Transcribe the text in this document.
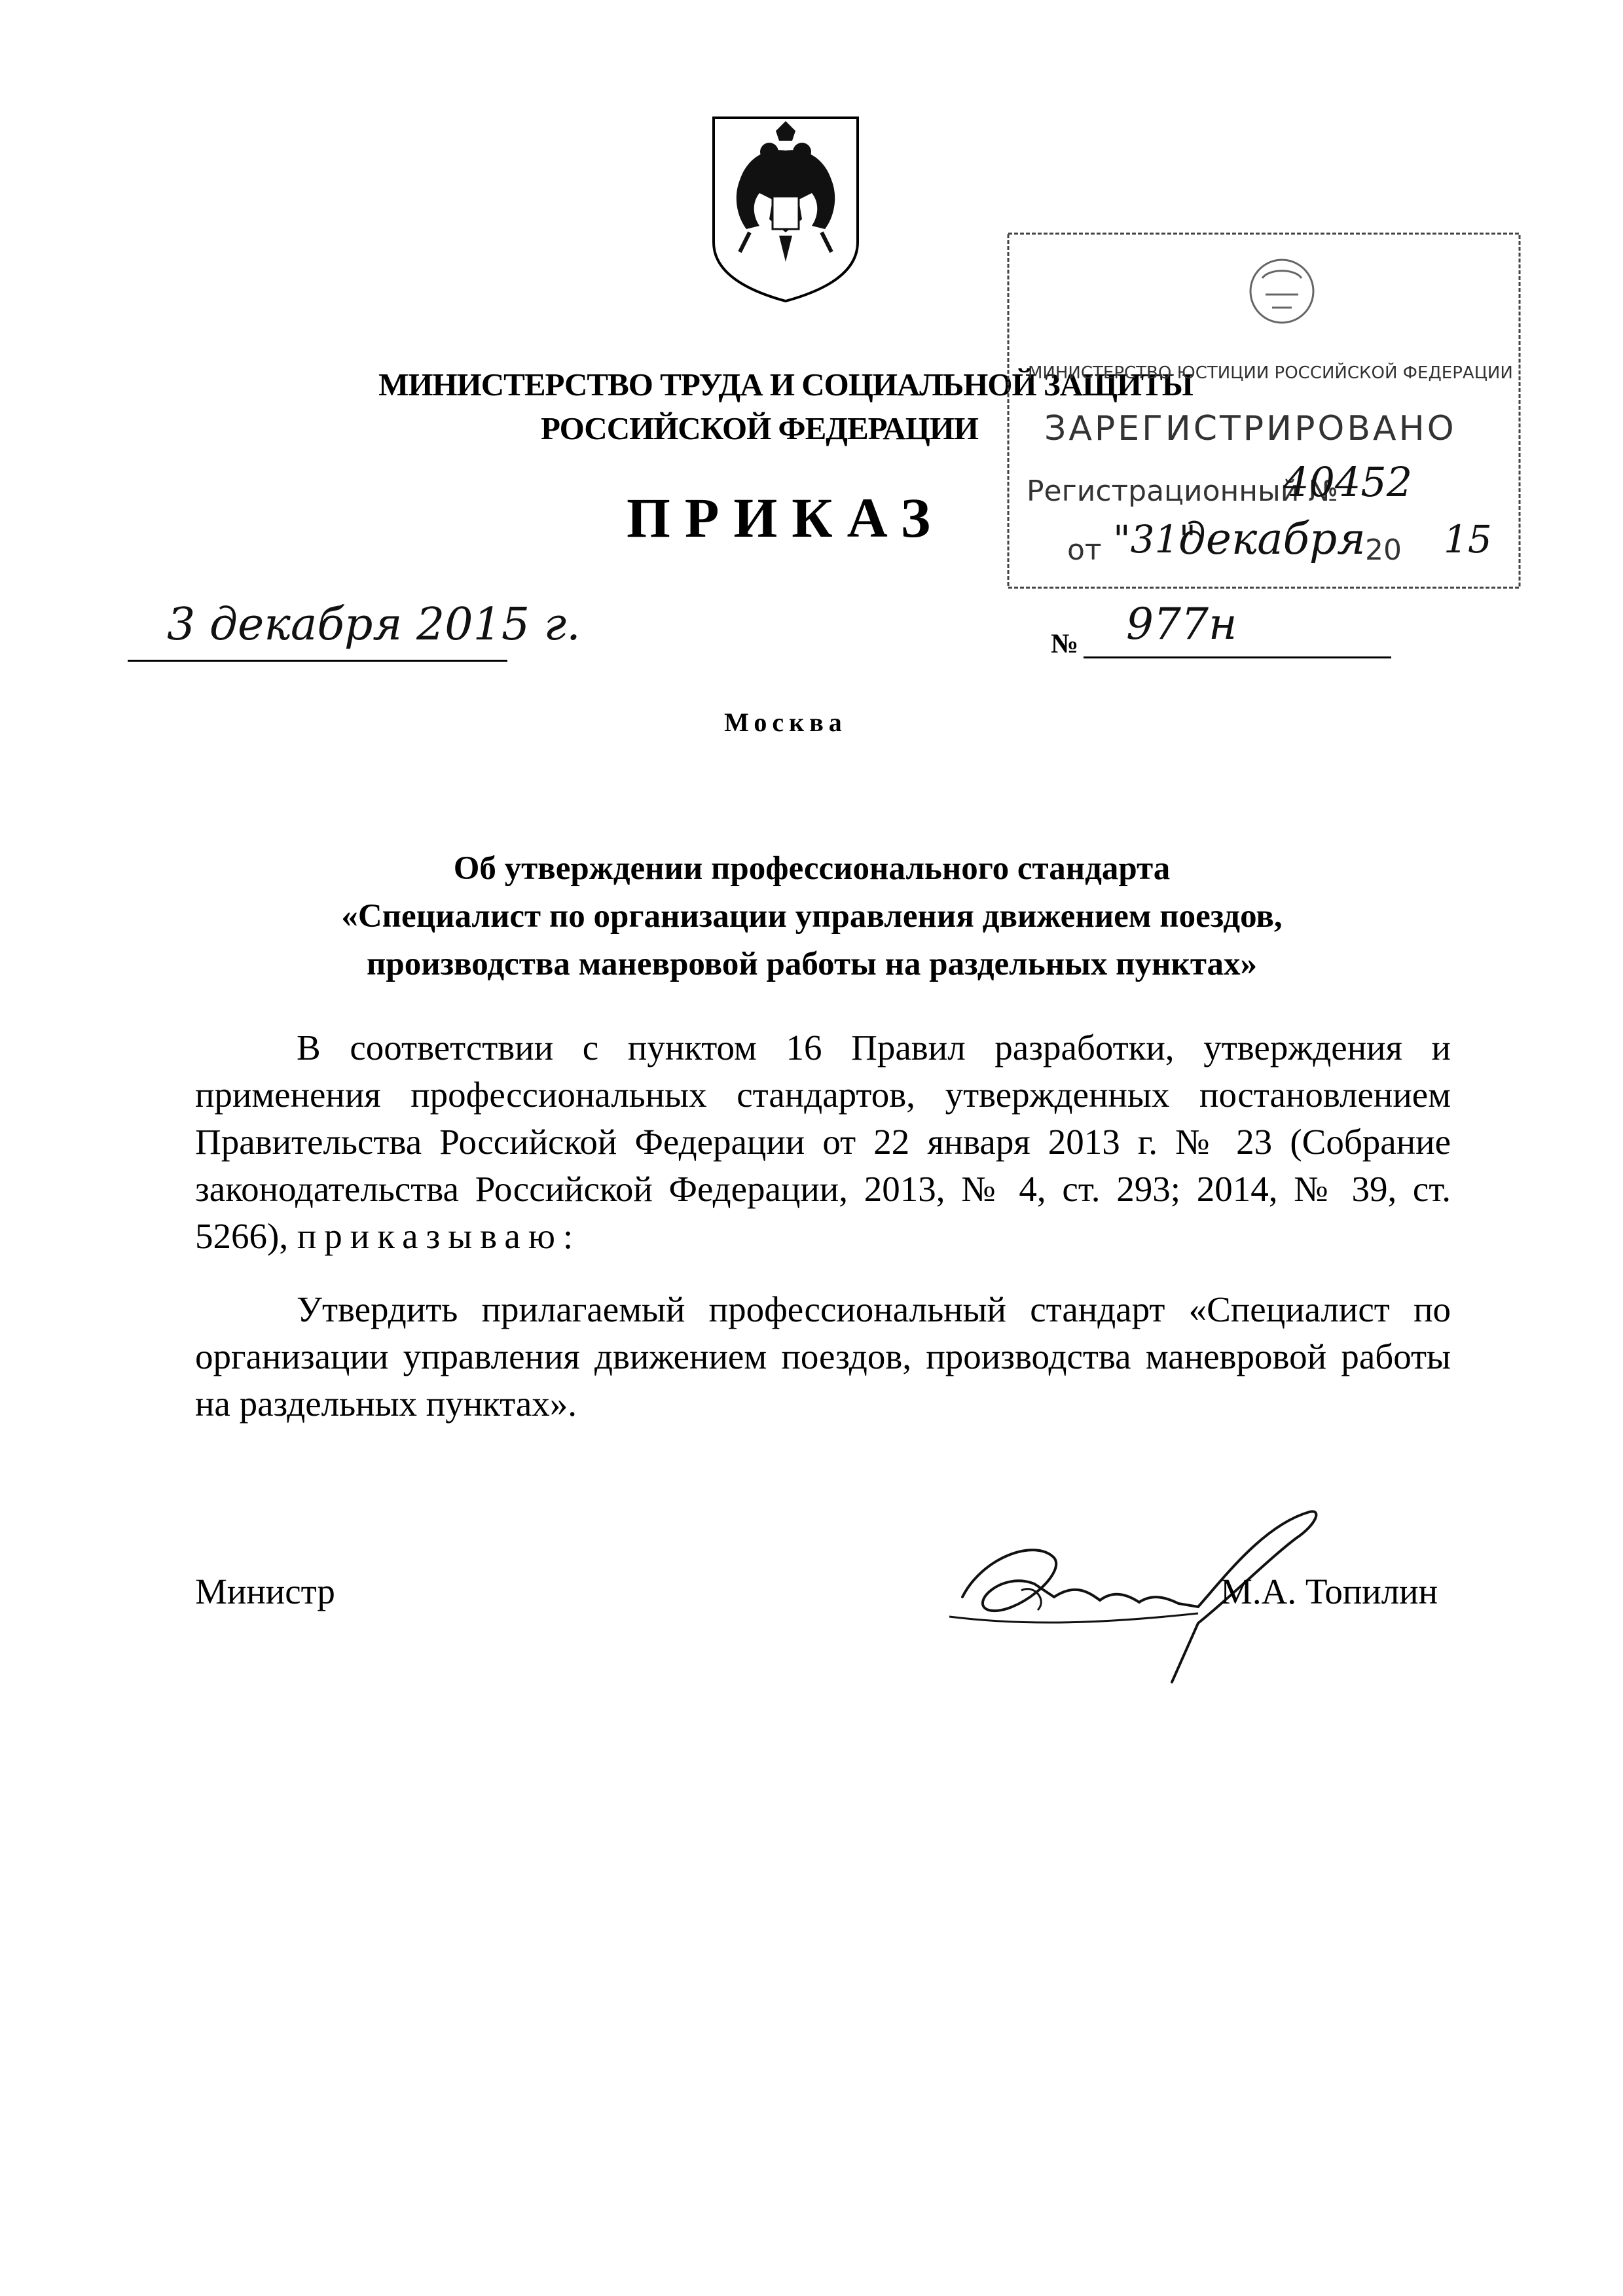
МИНИСТЕРСТВО ТРУДА И СОЦИАЛЬНОЙ ЗАЩИТЫ
РОССИЙСКОЙ ФЕДЕРАЦИИ
ПРИКАЗ
МИНИСТЕРСТВО ЮСТИЦИИ РОССИЙСКОЙ ФЕДЕРАЦИИ
ЗАРЕГИСТРИРОВАНО
Регистрационный №
40452
от "31"
декабря 20 15
3 декабря 2015 г.	№ 977н
Москва
Об утверждении профессионального стандарта
«Специалист по организации управления движением поездов,
производства маневровой работы на раздельных пунктах»

В соответствии с пунктом 16 Правил разработки, утверждения и применения профессиональных стандартов, утвержденных постановлением Правительства Российской Федерации от 22 января 2013 г. № 23 (Собрание законодательства Российской Федерации, 2013, № 4, ст. 293; 2014, № 39, ст. 5266), приказываю:

Утвердить прилагаемый профессиональный стандарт «Специалист по организации управления движением поездов, производства маневровой работы на раздельных пунктах».

Министр	М.А. Топилин
